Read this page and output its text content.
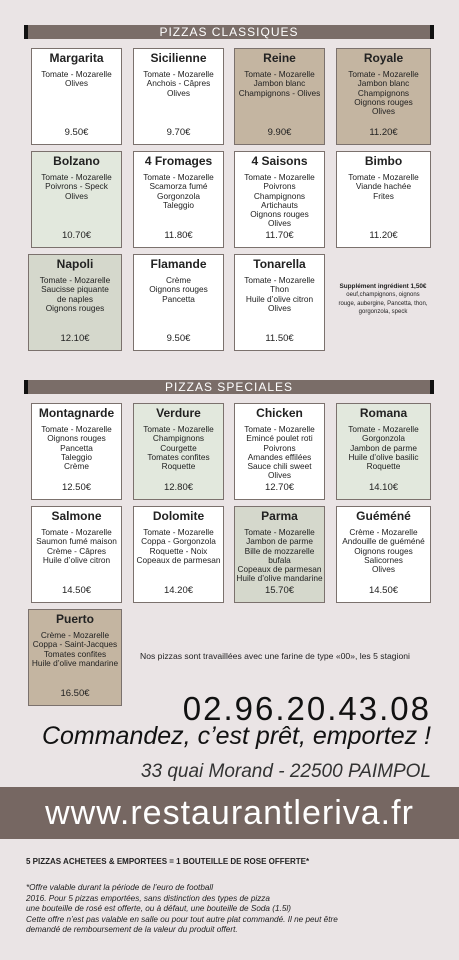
PIZZAS CLASSIQUES
Margarita
Tomate - Mozarelle
Olives
9.50€
Sicilienne
Tomate - Mozarelle
Anchois - Câpres
Olives
9.70€
Reine
Tomate - Mozarelle
Jambon blanc
Champignons - Olives
9.90€
Royale
Tomate - Mozarelle
Jambon blanc
Champignons
Oignons rouges
Olives
11.20€
Bolzano
Tomate - Mozarelle
Poivrons - Speck
Olives
10.70€
4 Fromages
Tomate - Mozarelle
Scamorza fumé
Gorgonzola
Taleggio
11.80€
4 Saisons
Tomate - Mozarelle
Poivrons
Champignons
Artichauts
Oignons rouges
Olives
11.70€
Bimbo
Tomate - Mozarelle
Viande hachée
Frites
11.20€
Napoli
Tomate - Mozarelle
Saucisse piquante
de naples
Oignons rouges
12.10€
Flamande
Crème
Oignons rouges
Pancetta
9.50€
Tonarella
Tomate - Mozarelle
Thon
Huile d’olive citron
Olives
11.50€
Supplément ingrédient 1,50€
oeuf,champignons, oignons rouge, aubergine, Pancetta, thon, gorgonzola, speck
PIZZAS SPECIALES
Montagnarde
Tomate - Mozarelle
Oignons rouges
Pancetta
Taleggio
Crème
12.50€
Verdure
Tomate - Mozarelle
Champignons
Courgette
Tomates confites
Roquette
12.80€
Chicken
Tomate - Mozarelle
Emincé poulet roti
Poivrons
Amandes effilées
Sauce chili sweet
Olives
12.70€
Romana
Tomate - Mozarelle
Gorgonzola
Jambon de parme
Huile d’olive basilic
Roquette
14.10€
Salmone
Tomate - Mozarelle
Saumon fumé maison
Crème - Câpres
Huile d’olive citron
14.50€
Dolomite
Tomate - Mozarelle
Coppa - Gorgonzola
Roquette - Noix
Copeaux de parmesan
14.20€
Parma
Tomate - Mozarelle
Jambon de parme
Bille de mozzarelle bufala
Copeaux de parmesan
Huile d’olive mandarine
15.70€
Guéméné
Crème - Mozarelle
Andouille de guéméné
Oignons rouges
Salicornes
Olives
14.50€
Puerto
Crème - Mozarelle
Coppa - Saint-Jacques
Tomates confites
Huile d’olive mandarine
16.50€
Nos pizzas sont travaillées avec une farine de type «00», les 5 stagioni
02.96.20.43.08
Commandez, c’est prêt, emportez !
33 quai Morand - 22500 PAIMPOL
www.restaurantleriva.fr
5 PIZZAS ACHETEES & EMPORTEES = 1 BOUTEILLE DE ROSE OFFERTE*
*Offre valable durant la période de l’euro de football
2016. Pour 5 pizzas emportées, sans distinction des types de pizza
une bouteille de rosé est offerte, ou à défaut, une bouteille de Soda (1.5l)
Cette offre n’est pas valable en salle ou pour tout autre plat commandé. Il ne peut être
demandé de remboursement de la valeur du produit offert.
